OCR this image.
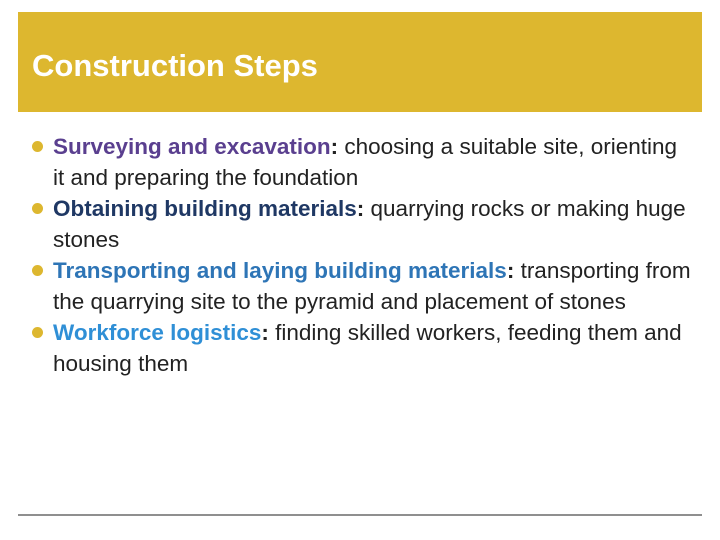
Construction Steps
Surveying and excavation: choosing a suitable site, orienting it and preparing the foundation
Obtaining building materials: quarrying rocks or making huge stones
Transporting and laying building materials: transporting from the quarrying site to the pyramid and placement of stones
Workforce logistics: finding skilled workers, feeding them and housing them
